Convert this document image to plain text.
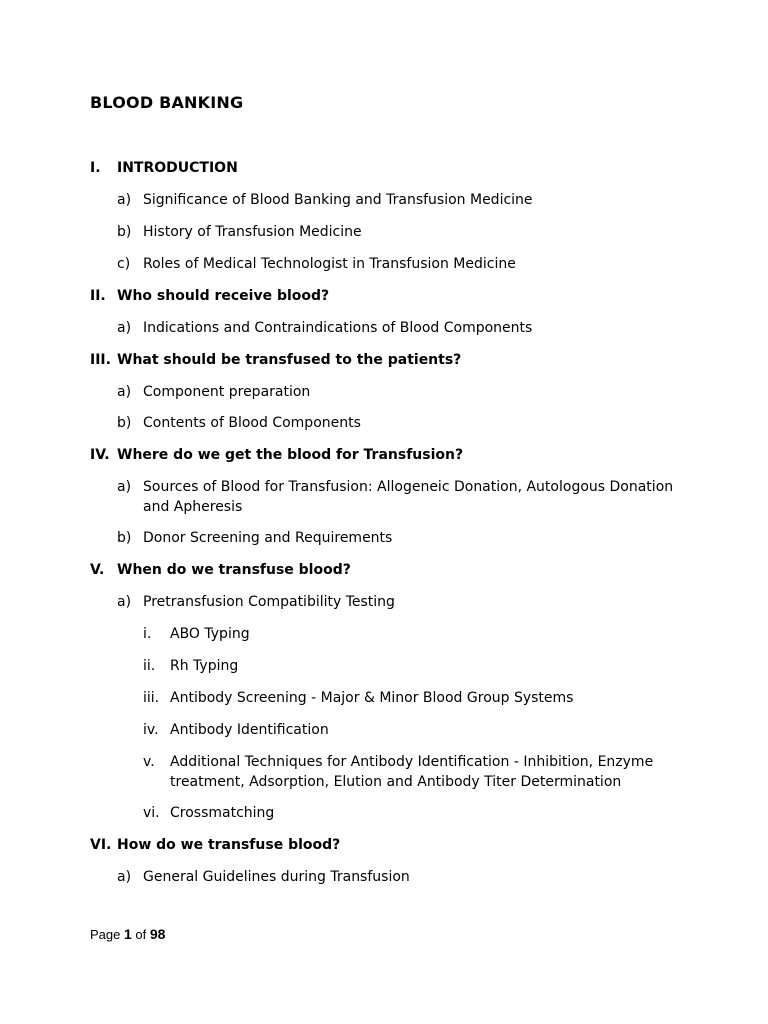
BLOOD BANKING
I. INTRODUCTION
a) Significance of Blood Banking and Transfusion Medicine
b) History of Transfusion Medicine
c) Roles of Medical Technologist in Transfusion Medicine
II. Who should receive blood?
a) Indications and Contraindications of Blood Components
III. What should be transfused to the patients?
a) Component preparation
b) Contents of Blood Components
IV. Where do we get the blood for Transfusion?
a) Sources of Blood for Transfusion: Allogeneic Donation, Autologous Donation and Apheresis
b) Donor Screening and Requirements
V. When do we transfuse blood?
a) Pretransfusion Compatibility Testing
i. ABO Typing
ii. Rh Typing
iii. Antibody Screening - Major & Minor Blood Group Systems
iv. Antibody Identification
v. Additional Techniques for Antibody Identification - Inhibition, Enzyme treatment, Adsorption, Elution and Antibody Titer Determination
vi. Crossmatching
VI. How do we transfuse blood?
a) General Guidelines during Transfusion
Page 1 of 98
